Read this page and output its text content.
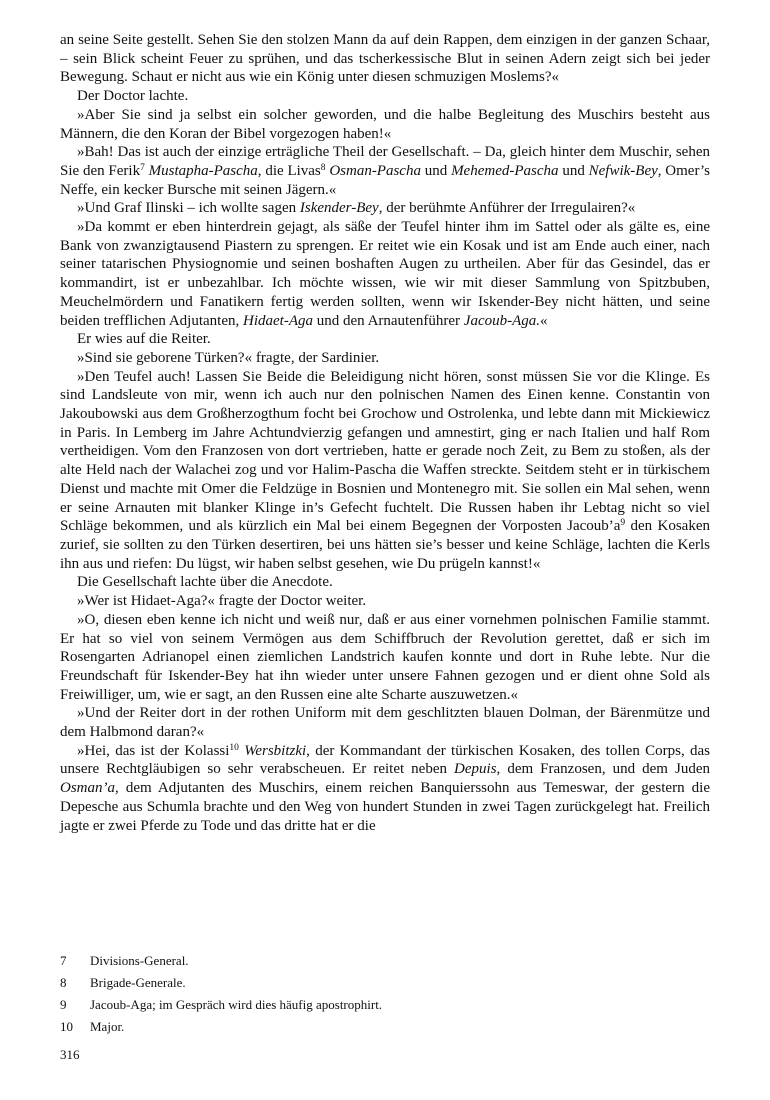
an seine Seite gestellt. Sehen Sie den stolzen Mann da auf dein Rappen, dem einzigen in der ganzen Schaar, – sein Blick scheint Feuer zu sprühen, und das tscherkessische Blut in seinen Adern zeigt sich bei jeder Bewegung. Schaut er nicht aus wie ein König unter diesen schmuzigen Moslems?«

Der Doctor lachte.

»Aber Sie sind ja selbst ein solcher geworden, und die halbe Begleitung des Muschirs besteht aus Männern, die den Koran der Bibel vorgezogen haben!«

»Bah! Das ist auch der einzige erträgliche Theil der Gesellschaft. – Da, gleich hinter dem Muschir, sehen Sie den Ferik$^7$ Mustapha-Pascha, die Livas$^8$ Osman-Pascha und Mehemed-Pascha und Nefwik-Bey, Omer’s Neffe, ein kecker Bursche mit seinen Jägern.«

»Und Graf Ilinski – ich wollte sagen Iskender-Bey, der berühmte Anführer der Irregulairen?«

»Da kommt er eben hinterdrein gejagt, als säße der Teufel hinter ihm im Sattel oder als gälte es, eine Bank von zwanzigtausend Piastern zu sprengen. Er reitet wie ein Kosak und ist am Ende auch einer, nach seiner tatarischen Physiognomie und seinen boshaften Augen zu urtheilen. Aber für das Gesindel, das er kommandirt, ist er unbezahlbar. Ich möchte wissen, wie wir mit dieser Sammlung von Spitzbuben, Meuchelmördern und Fanatikern fertig werden sollten, wenn wir Iskender-Bey nicht hätten, und seine beiden trefflichen Adjutanten, Hidaet-Aga und den Arnautenführer Jacoub-Aga.«

Er wies auf die Reiter.

»Sind sie geborene Türken?« fragte, der Sardinier.

»Den Teufel auch! Lassen Sie Beide die Beleidigung nicht hören, sonst müssen Sie vor die Klinge. Es sind Landsleute von mir, wenn ich auch nur den polnischen Namen des Einen kenne. Constantin von Jakoubowski aus dem Großherzogthum focht bei Grochow und Ostrolenka, und lebte dann mit Mickiewicz in Paris. In Lemberg im Jahre Achtundvierzig gefangen und amnestirt, ging er nach Italien und half Rom vertheidigen. Vom den Franzosen von dort vertrieben, hatte er gerade noch Zeit, zu Bem zu stoßen, als der alte Held nach der Walachei zog und vor Halim-Pascha die Waffen streckte. Seitdem steht er in türkischem Dienst und machte mit Omer die Feldzüge in Bosnien und Montenegro mit. Sie sollen ein Mal sehen, wenn er seine Arnauten mit blanker Klinge in’s Gefecht fuchtelt. Die Russen haben ihr Lebtag nicht so viel Schläge bekommen, und als kürzlich ein Mal bei einem Begegnen der Vorposten $Jacoub’a^9$ den Kosaken zurief, sie sollten zu den Türken desertiren, bei uns hätten sie’s besser und keine Schläge, lachten die Kerls ihn aus und riefen: Du lügst, wir haben selbst gesehen, wie Du prügeln kannst!«

Die Gesellschaft lachte über die Anecdote.

»Wer ist Hidaet-Aga?« fragte der Doctor weiter.

»O, diesen eben kenne ich nicht und weiß nur, daß er aus einer vornehmen polnischen Familie stammt. Er hat so viel von seinem Vermögen aus dem Schiffbruch der Revolution gerettet, daß er sich im Rosengarten Adrianopel einen ziemlichen Landstrich kaufen konnte und dort in Ruhe lebte. Nur die Freundschaft für Iskender-Bey hat ihn wieder unter unsere Fahnen gezogen und er dient ohne Sold als Freiwilliger, um, wie er sagt, an den Russen eine alte Scharte auszuwetzen.«

»Und der Reiter dort in der rothen Uniform mit dem geschlitzten blauen Dolman, der Bärenmütze und dem Halbmond daran?«

»Hei, das ist der Kolassi$^{10}$ Wersbitzki, der Kommandant der türkischen Kosaken, des tollen Corps, das unsere Rechtgläubigen so sehr verabscheuen. Er reitet neben Depuis, dem Franzosen, und dem Juden Osman’a, dem Adjutanten des Muschirs, einem reichen Banquierssohn aus Temeswar, der gestern die Depesche aus Schumla brachte und den Weg von hundert Stunden in zwei Tagen zurückgelegt hat. Freilich jagte er zwei Pferde zu Tode und das dritte hat er die

7	Divisions-General.
8	Brigade-Generale.
9	Jacoub-Aga; im Gespräch wird dies häufig apostrophirt.
10	Major.
316
